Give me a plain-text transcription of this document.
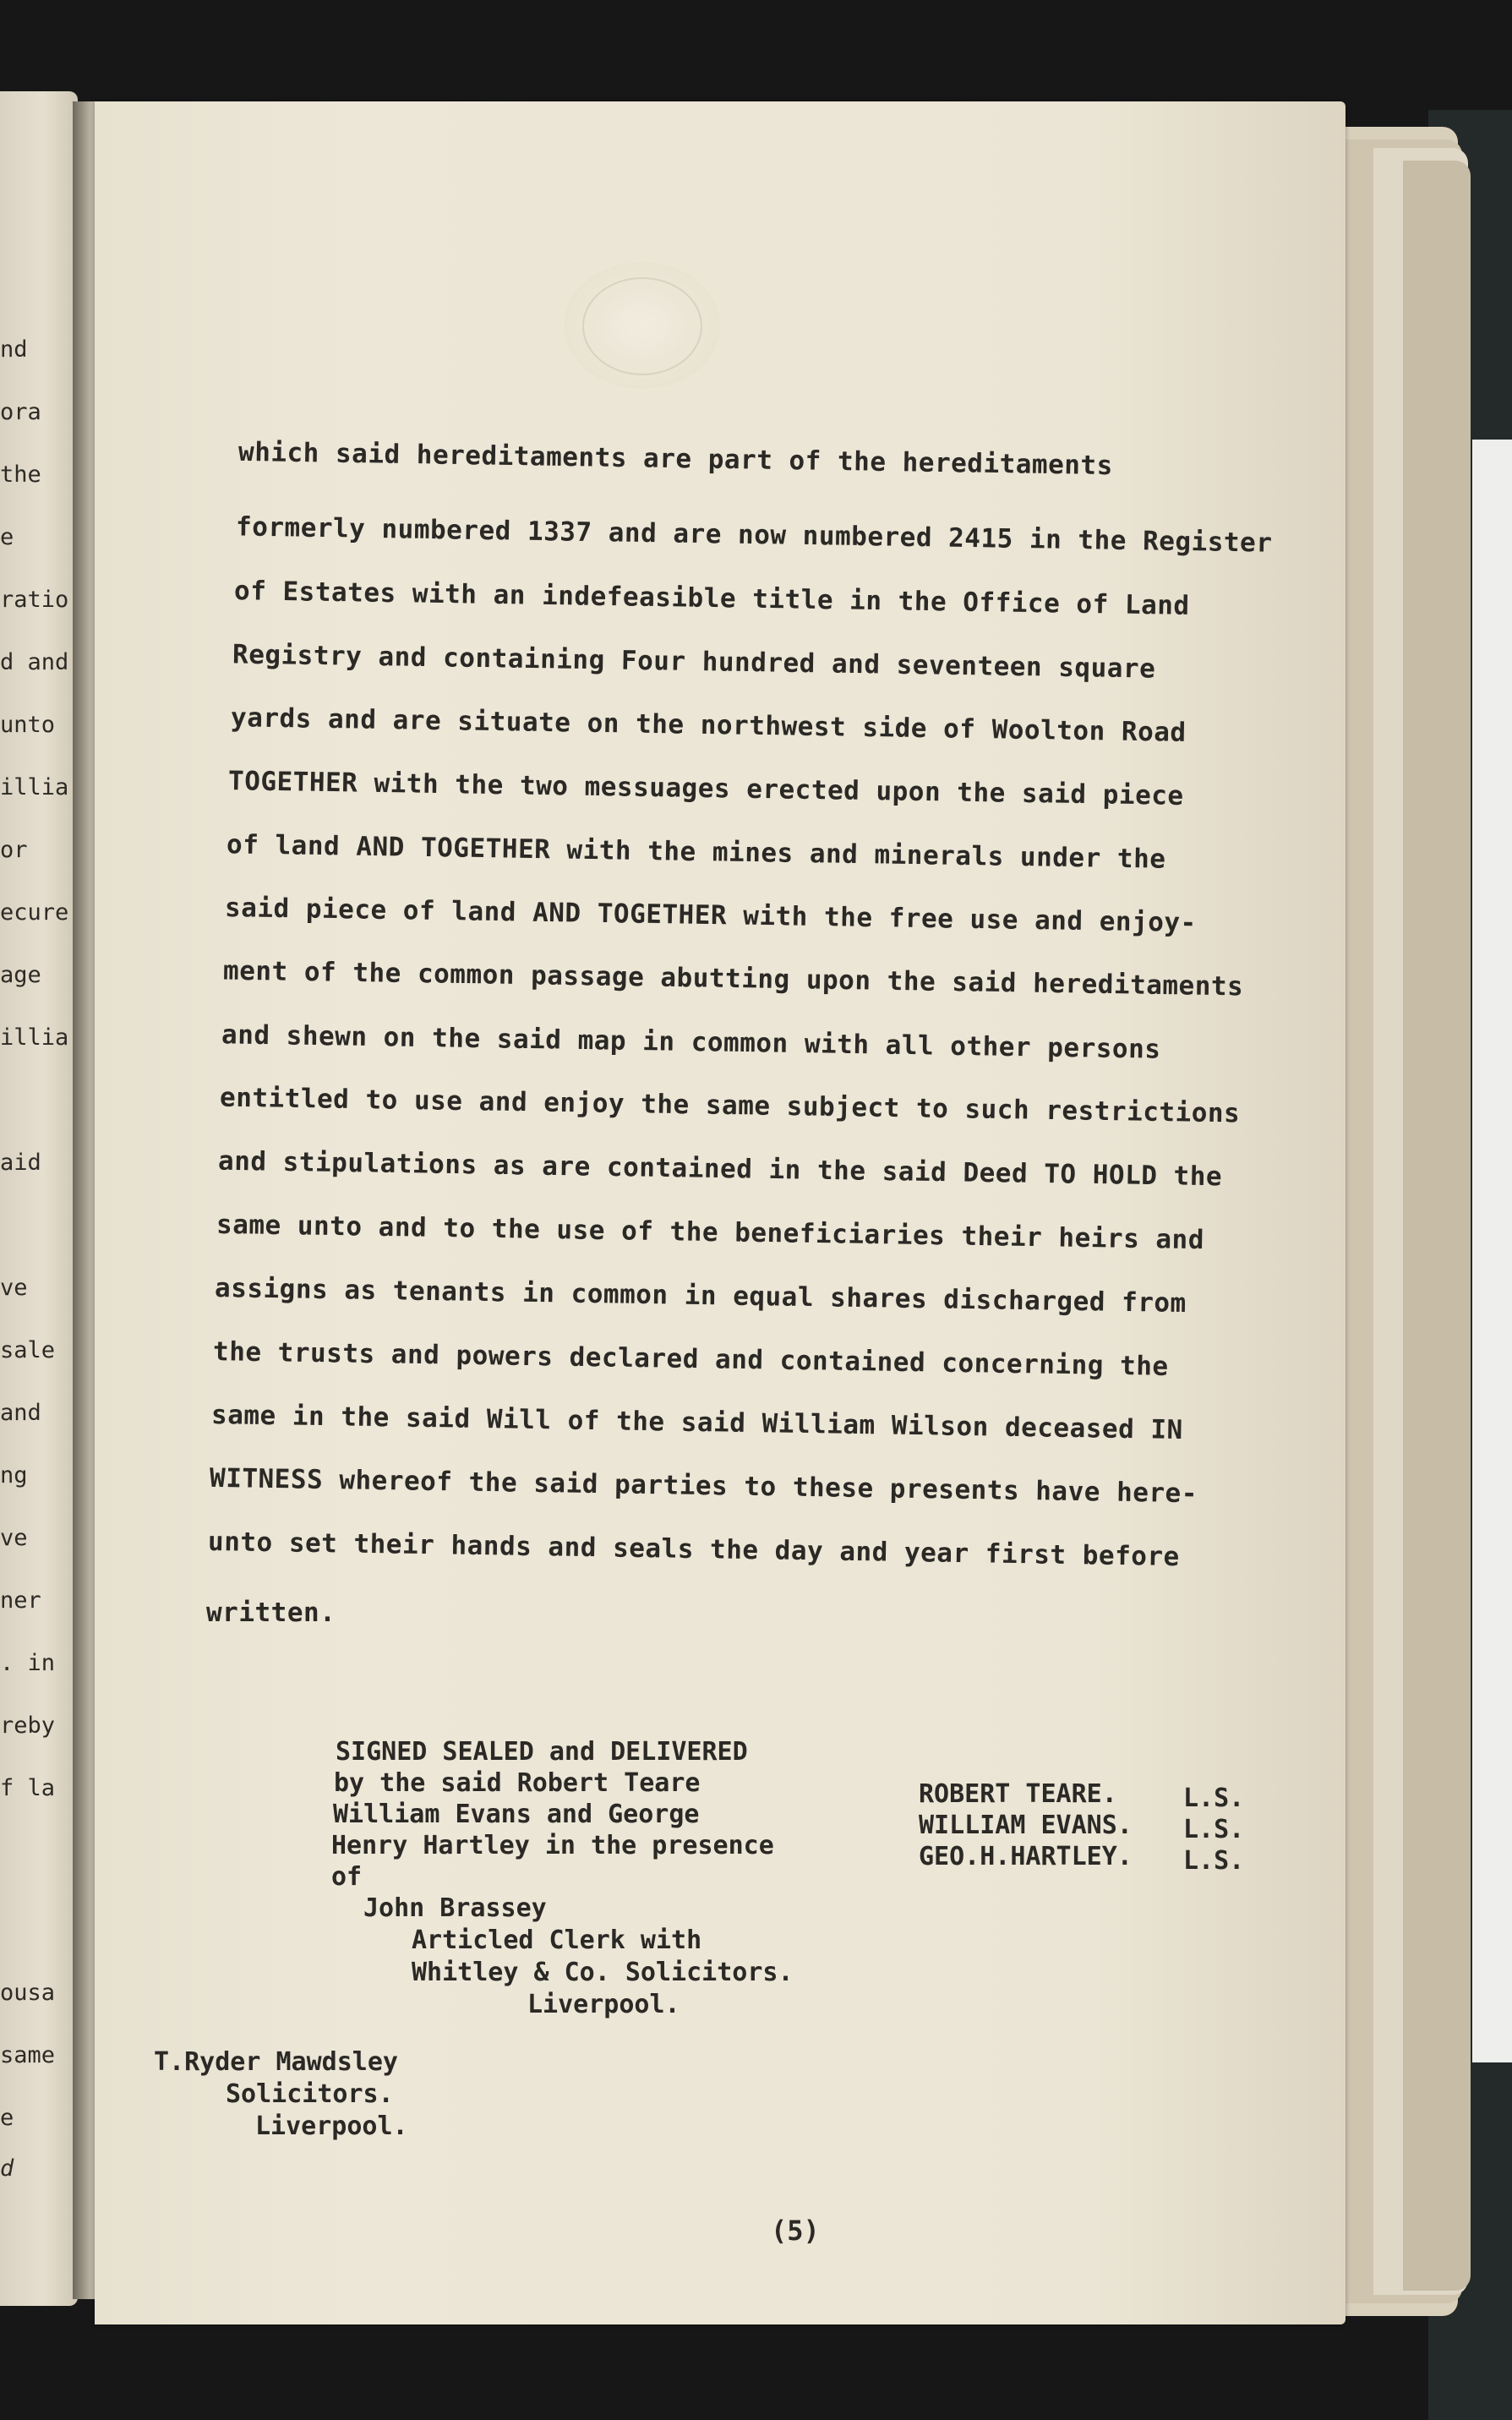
nd
ora
the
e
ratio
d and
unto
illia
or
ecure
age
illia
aid
ve
sale
and
ng
ve
ner
. in
reby
f la
ousa
same
e
d
which said hereditaments are part of the hereditaments
formerly numbered 1337 and are now numbered 2415 in the Register
of Estates with an indefeasible title in the Office of Land
Registry and containing Four hundred and seventeen square
yards and are situate on the northwest side of Woolton Road
TOGETHER with the two messuages erected upon the said piece
of land AND TOGETHER with the mines and minerals under the
said piece of land AND TOGETHER with the free use and enjoy-
ment of the common passage abutting upon the said hereditaments
and shewn on the said map in common with all other persons
entitled to use and enjoy the same subject to such restrictions
and stipulations as are contained in the said Deed TO HOLD the
same unto and to the use of the beneficiaries their heirs and
assigns as tenants in common in equal shares discharged from
the trusts and powers declared and contained concerning the
same in the said Will of the said William Wilson deceased IN
WITNESS whereof the said parties to these presents have here-
unto set their hands and seals the day and year first before
written.
SIGNED SEALED and DELIVERED
by the said Robert Teare
William Evans and George
Henry Hartley in the presence
of
ROBERT TEARE.	L.S.
WILLIAM EVANS. L.S.
GEO.H.HARTLEY. L.S.
John Brassey
Articled Clerk with
Whitley & Co. Solicitors.
Liverpool.
T.Ryder Mawdsley
Solicitors.
Liverpool.
(5)
